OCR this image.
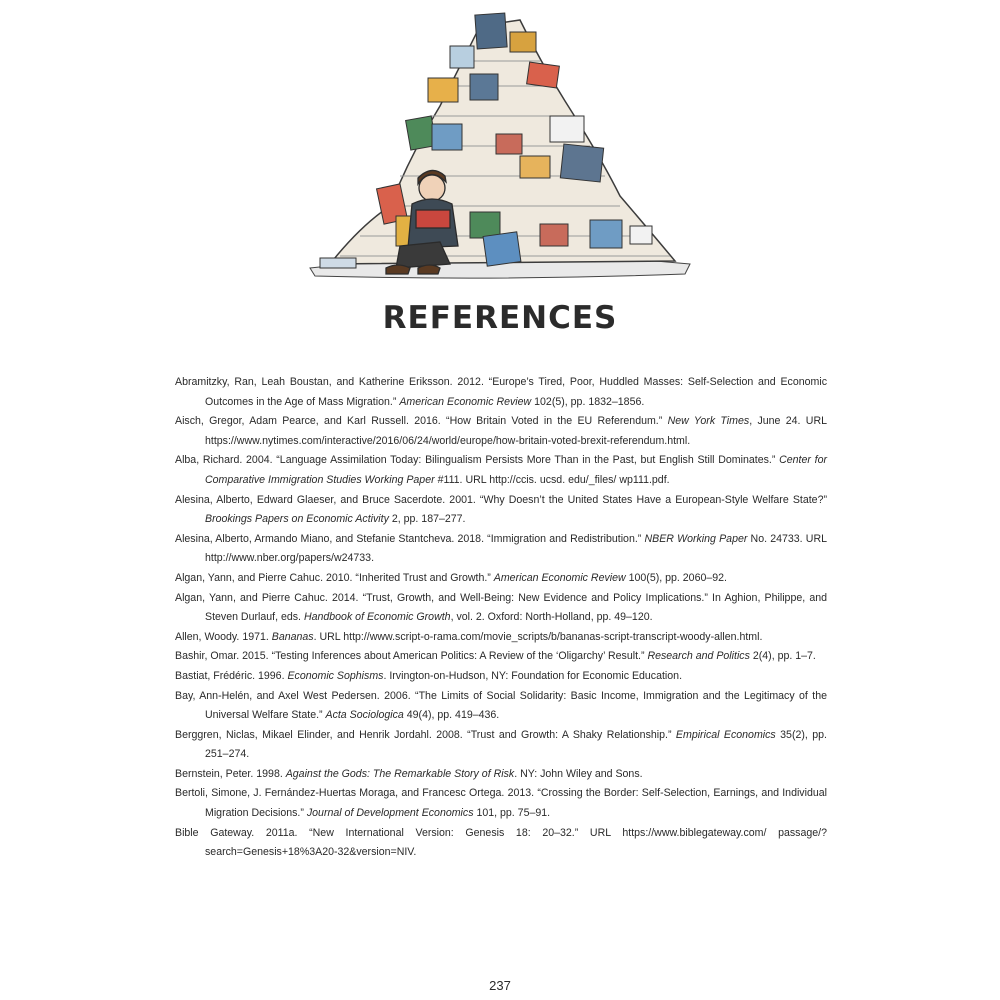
REFERENCES
Abramitzky, Ran, Leah Boustan, and Katherine Eriksson. 2012. “Europe’s Tired, Poor, Huddled Masses: Self-Selection and Economic Outcomes in the Age of Mass Migration.” American Economic Review 102(5), pp. 1832–1856.
Aisch, Gregor, Adam Pearce, and Karl Russell. 2016. “How Britain Voted in the EU Referendum.” New York Times, June 24. URL https://www.nytimes.com/interactive/2016/06/24/world/europe/how-britain-voted-brexit-referendum.html.
Alba, Richard. 2004. “Language Assimilation Today: Bilingualism Persists More Than in the Past, but English Still Dominates.” Center for Comparative Immigration Studies Working Paper #111. URL http://ccis. ucsd. edu/_files/ wp111.pdf.
Alesina, Alberto, Edward Glaeser, and Bruce Sacerdote. 2001. “Why Doesn’t the United States Have a European-Style Welfare State?” Brookings Papers on Economic Activity 2, pp. 187–277.
Alesina, Alberto, Armando Miano, and Stefanie Stantcheva. 2018. “Immigration and Redistribution.” NBER Working Paper No. 24733. URL http://www.nber.org/papers/w24733.
Algan, Yann, and Pierre Cahuc. 2010. “Inherited Trust and Growth.” American Economic Review 100(5), pp. 2060–92.
Algan, Yann, and Pierre Cahuc. 2014. “Trust, Growth, and Well-Being: New Evidence and Policy Implications.” In Aghion, Philippe, and Steven Durlauf, eds. Handbook of Economic Growth, vol. 2. Oxford: North-Holland, pp. 49–120.
Allen, Woody. 1971. Bananas. URL http://www.script-o-rama.com/movie_scripts/b/bananas-script-transcript-woody-allen.html.
Bashir, Omar. 2015. “Testing Inferences about American Politics: A Review of the ‘Oligarchy’ Result.” Research and Politics 2(4), pp. 1–7.
Bastiat, Frédéric. 1996. Economic Sophisms. Irvington-on-Hudson, NY: Foundation for Economic Education.
Bay, Ann-Helén, and Axel West Pedersen. 2006. “The Limits of Social Solidarity: Basic Income, Immigration and the Legitimacy of the Universal Welfare State.” Acta Sociologica 49(4), pp. 419–436.
Berggren, Niclas, Mikael Elinder, and Henrik Jordahl. 2008. “Trust and Growth: A Shaky Relationship.” Empirical Economics 35(2), pp. 251–274.
Bernstein, Peter. 1998. Against the Gods: The Remarkable Story of Risk. NY: John Wiley and Sons.
Bertoli, Simone, J. Fernández-Huertas Moraga, and Francesc Ortega. 2013. “Crossing the Border: Self-Selection, Earnings, and Individual Migration Decisions.” Journal of Development Economics 101, pp. 75–91.
Bible Gateway. 2011a. “New International Version: Genesis 18: 20–32.” URL https://www.biblegateway.com/ passage/?search=Genesis+18%3A20-32&version=NIV.
237
